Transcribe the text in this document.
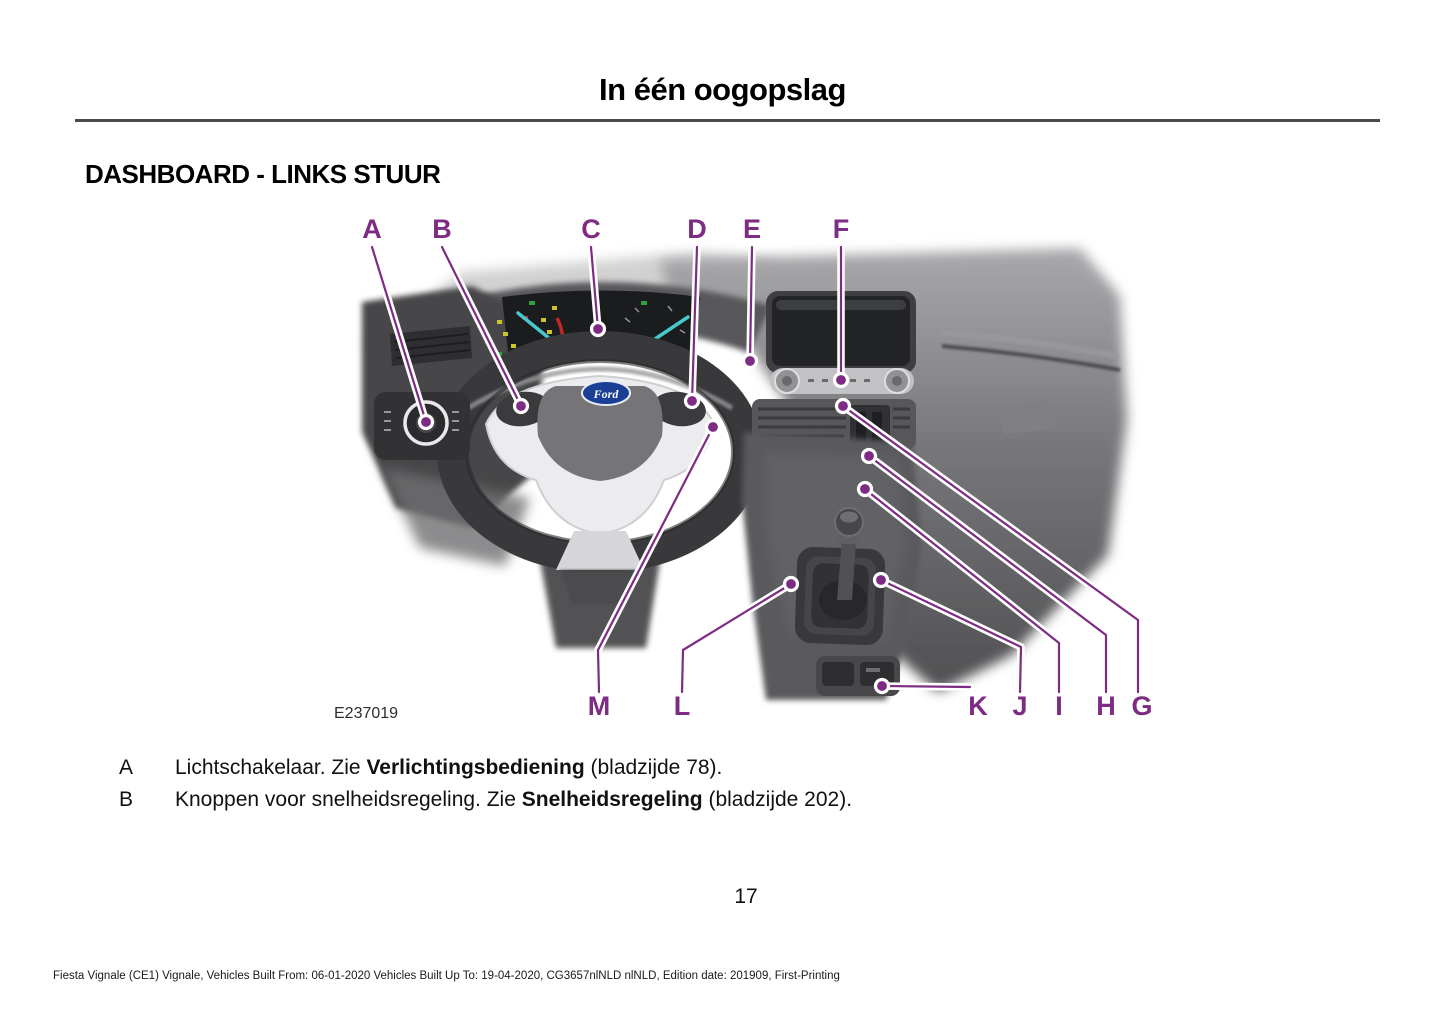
In één oogopslag
DASHBOARD - LINKS STUUR
Ford
A B	C	D E	F
G
H
I
J
K
L
M
E237019
A Lichtschakelaar. Zie Verlichtingsbediening (bladzijde 78).
B Knoppen voor snelheidsregeling. Zie Snelheidsregeling (bladzijde 202).
17
Fiesta Vignale (CE1) Vignale, Vehicles Built From: 06-01-2020 Vehicles Built Up To: 19-04-2020, CG3657nlNLD nlNLD, Edition date: 201909, First-Printing
